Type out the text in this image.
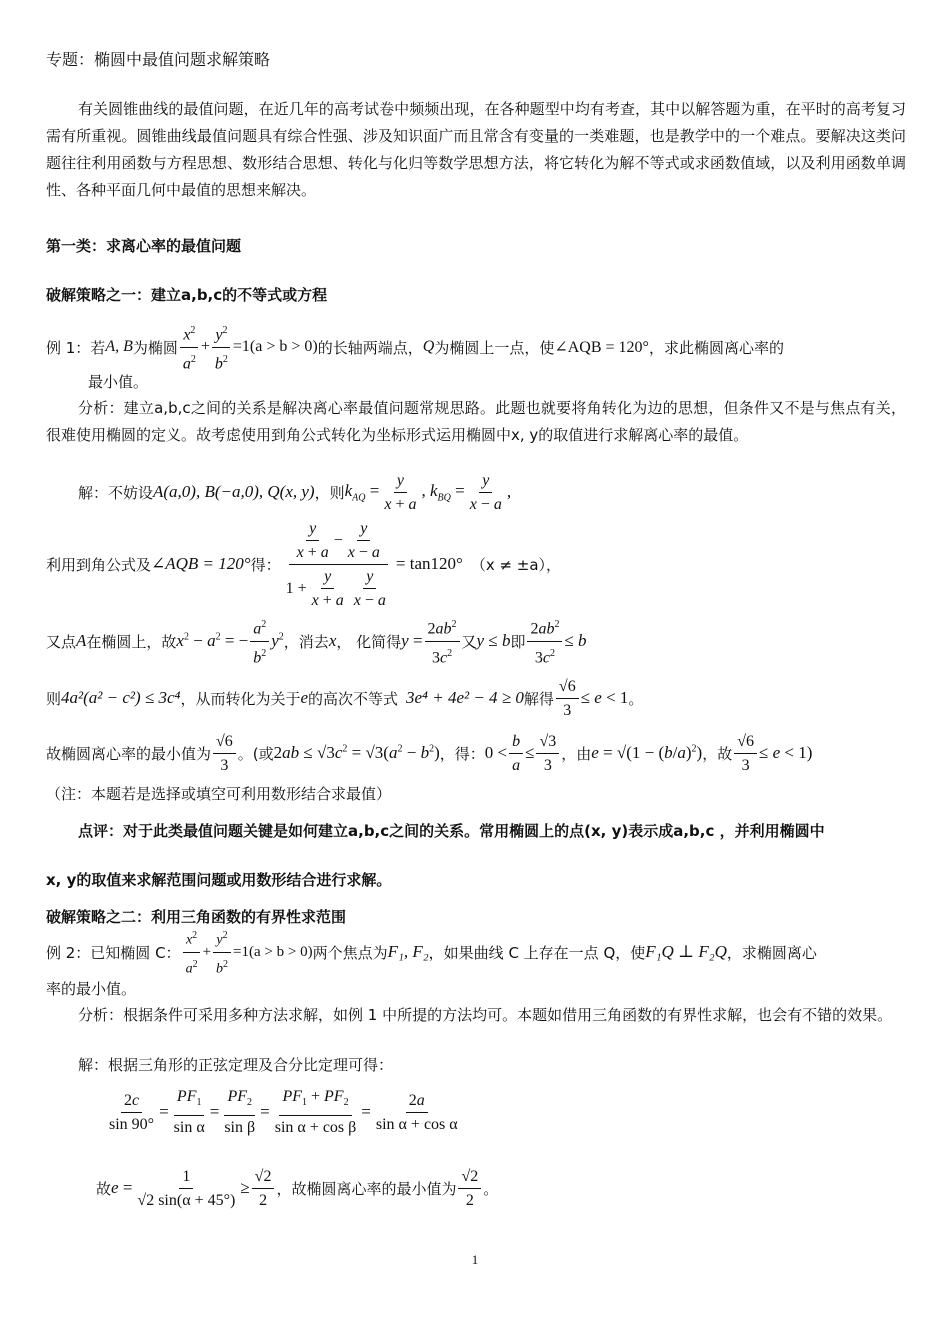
专题：椭圆中最值问题求解策略
有关圆锥曲线的最值问题，在近几年的高考试卷中频频出现，在各种题型中均有考查，其中以解答题为重，在平时的高考复习需有所重视。圆锥曲线最值问题具有综合性强、涉及知识面广而且常含有变量的一类难题，也是教学中的一个难点。要解决这类问题往往利用函数与方程思想、数形结合思想、转化与化归等数学思想方法，将它转化为解不等式或求函数值域，以及利用函数单调性、各种平面几何中最值的思想来解决。
第一类：求离心率的最值问题
破解策略之一：建立a,b,c的不等式或方程
例 1：若 A, B 为椭圆 $\frac{x^2}{a^2} + \frac{y^2}{b^2} =1(a > b > 0)$ 的长轴两端点， Q 为椭圆上一点，使 ∠AQB = 120° ，求此椭圆离心率的
最小值。
分析：建立a,b,c之间的关系是解决离心率最值问题常规思路。此题也就要将角转化为边的思想，但条件又不是与焦点有关，很难使用椭圆的定义。故考虑使用到角公式转化为坐标形式运用椭圆中x, y的取值进行求解离心率的最值。
解：不妨设 A(a,0), B(−a,0), Q(x, y) ，则 $k_{AQ} = \frac{y}{x + a}$ , $k_{BQ} = \frac{y}{x - a}$ ,
利用到角公式及 ∠AQB = 120° 得： $\frac{\frac{y}{x + a} - \frac{y}{x - a}}{1 + \frac{y}{x + a} \frac{y}{x - a}} = \tan 120^\circ$ （x ≠ ±a），
又点 A 在椭圆上，故 $x^2 - a^2$ = − $\frac{a^2}{b^2} y^2$ ，消去 x ， 化简得 $y = \frac{2ab^2}{3c^2}$ 又 y ≤ b 即 $\frac{2ab^2}{3c^2} \le b$
则 4a²(a² − c²) ≤ 3c⁴ ，从而转化为关于 e 的高次不等式 3e⁴ + 4e² − 4 ≥ 0 解得 $\frac{√6}{3} \le e < 1$ 。
故椭圆离心率的最小值为 $\frac{√6}{3}$ 。(或 $2ab \le √3c^2 = √3(a^2 - b^2)$ ，得： $0 < \frac{b}{a} \le \frac{√3}{3}$ ，由 $e = √(1 - (b/a)^2)$ ，故 $\frac{√6}{3} \le e < 1$)
（注：本题若是选择或填空可利用数形结合求最值）
点评：对于此类最值问题关键是如何建立a,b,c之间的关系。常用椭圆上的点(x, y)表示成a,b,c ，并利用椭圆中
x, y的取值来求解范围问题或用数形结合进行求解。
破解策略之二：利用三角函数的有界性求范围
例 2：已知椭圆 C： $\frac{x^2}{a^2} + \frac{y^2}{b^2} =1(a > b > 0)$ 两个焦点为 F₁, F₂ ，如果曲线 C 上存在一点 Q，使 F₁Q ⊥ F₂Q ，求椭圆离心
率的最小值。
分析：根据条件可采用多种方法求解，如例 1 中所提的方法均可。本题如借用三角函数的有界性求解，也会有不错的效果。
解：根据三角形的正弦定理及合分比定理可得：
$\frac{2c}{\sin 90^\circ} = \frac{PF_1}{\text{sin α}} = \frac{PF_2}{\text{sin β}} = \frac{PF_1 + PF_2}{\text{sin α + cos β}} = \frac{2a}{\text{sin α + cos α}}$
故 $e = \frac{1}{√2 \sin(\alpha + 45^\circ)} \ge \frac{√2}{2}$ ，故椭圆离心率的最小值为 $\frac{√2}{2}$ 。
1
